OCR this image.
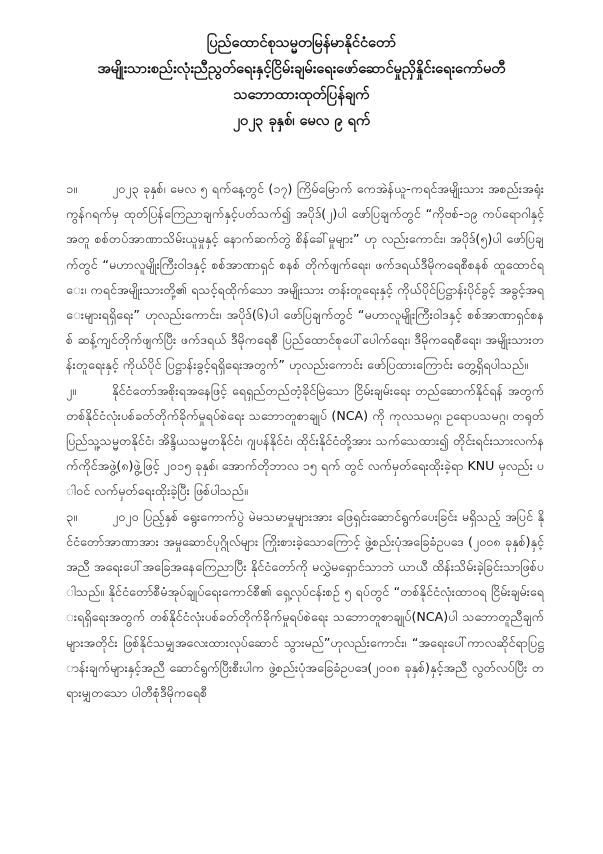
ပြည်ထောင်စုသမ္မတမြန်မာနိုင်ငံတော်
အမျိုးသားစည်းလုံးညီညွတ်ရေးနှင့်ငြိမ်းချမ်းရေးဖော်ဆောင်မှုညှိနှိုင်းရေးကော်မတီ
သဘောထားထုတ်ပြန်ချက်
၂၀၂၃ ခုနှစ်၊ မေလ ၉ ရက်

၁။	၂၀၂၃ ခုနှစ်၊ မေလ ၅ ရက်နေ့တွင် (၁၇) ကြိမ်မြောက် ကေအဲန်ယူ-ကရင်အမျိုးသား အစည်းအရုံးကွန်ဂရက်မှ ထုတ်ပြန်ကြေညာချက်နှင့်ပတ်သက်၍ အပိုဒ်(၂)ပါ ဖော်ပြချက်တွင် “ကိုဗစ်-၁၉ ကပ်ရောဂါနှင့်အတူ စစ်တပ်အာဏာသိမ်းယူမှုနှင့် နောက်ဆက်တွဲ စိန်ခေါ်မှုများ” ဟု လည်းကောင်း၊ အပိုဒ်(၅)ပါ ဖော်ပြချက်တွင် “မဟာလူမျိုးကြီးဝါဒနှင့် စစ်အာဏာရှင် စနစ် တိုက်ဖျက်ရေး၊ ဖက်ဒရယ်ဒီမိုကရေစီစနစ် ထူထောင်ရေး၊ ကရင်အမျိုးသားတို့၏ ရသင့်ရထိုက်သော အမျိုးသား တန်းတူရေးနှင့် ကိုယ်ပိုင်ပြဋ္ဌာန်းပိုင်ခွင့် အခွင့်အရေးများရရှိရေး” ဟုလည်းကောင်း၊ အပိုဒ်(၆)ပါ ဖော်ပြချက်တွင် “မဟာလူမျိုးကြီးဝါဒနှင့် စစ်အာဏာရှင်စနစ် ဆန့်ကျင်တိုက်ဖျက်ပြီး ဖက်ဒရယ် ဒီမိုကရေစီ ပြည်ထောင်စုပေါ်ပေါက်ရေး၊ ဒီမိုကရေစီရေး၊ အမျိုးသားတန်းတူရေးနှင့် ကိုယ်ပိုင် ပြဋ္ဌာန်းခွင့်ရရှိရေးအတွက်” ဟုလည်းကောင်း ဖော်ပြထားကြောင်း တွေ့ရှိရပါသည်။

၂။	နိုင်ငံတော်အစိုးရအနေဖြင့် ရေရှည်တည်တံ့ခိုင်မြဲသော ငြိမ်းချမ်းရေး တည်ဆောက်နိုင်ရန် အတွက် တစ်နိုင်ငံလုံးပစ်ခတ်တိုက်ခိုက်မှုရပ်စဲရေး သဘောတူစာချုပ် (NCA) ကို ကုလသမဂ္ဂ၊ ဥရောပသမဂ္ဂ၊ တရုတ်ပြည်သူ့သမ္မတနိုင်ငံ၊ အိန္ဒိယသမ္မတနိုင်ငံ၊ ဂျပန်နိုင်ငံ၊ ထိုင်းနိုင်ငံတို့အား သက်သေထား၍ တိုင်းရင်းသားလက်နက်ကိုင်အဖွဲ့(၈)ဖွဲ့ဖြင့် ၂၀၁၅ ခုနှစ်၊ အောက်တိုဘာလ ၁၅ ရက် တွင် လက်မှတ်ရေးထိုးခဲ့ရာ KNU မှလည်း ပါဝင် လက်မှတ်ရေးထိုးခဲ့ပြီး ဖြစ်ပါသည်။

၃။	၂၀၂၀ ပြည့်နှစ် ရွေးကောက်ပွဲ မဲမသမာမှုများအား ဖြေရှင်းဆောင်ရွက်ပေးခြင်း မရှိသည့် အပြင် နိုင်ငံတော်အာဏာအား အမှုဆောင်ပုဂ္ဂိုလ်များ ကြိုးစားခဲ့သောကြောင့် ဖွဲ့စည်းပုံအခြေခံဥပဒေ (၂၀၀၈ ခုနှစ်)နှင့်အညီ အရေးပေါ်အခြေအနေကြေညာပြီး နိုင်ငံတော်ကို မလွှဲမရှောင်သာဘဲ ယာယီ ထိန်းသိမ်းခဲ့ခြင်းသာဖြစ်ပါသည်။ နိုင်ငံတော်စီမံအုပ်ချုပ်ရေးကောင်စီ၏ ရှေ့လုပ်ငန်းစဉ် ၅ ရပ်တွင် “တစ်နိုင်ငံလုံးထာဝရ ငြိမ်းချမ်းရေးရရှိရေးအတွက် တစ်နိုင်ငံလုံးပစ်ခတ်တိုက်ခိုက်မှုရပ်စဲရေး သဘောတူစာချုပ်(NCA)ပါ သဘောတူညီချက်များအတိုင်း ဖြစ်နိုင်သမျှအလေးထားလုပ်ဆောင် သွားမည်”ဟုလည်းကောင်း၊ “အရေးပေါ်ကာလဆိုင်ရာပြဋ္ဌာန်းချက်များနှင့်အညီ ဆောင်ရွက်ပြီးစီးပါက ဖွဲ့စည်းပုံအခြေခံဥပဒေ(၂၀၀၈ ခုနှစ်)နှင့်အညီ လွတ်လပ်ပြီး တရားမျှတသော ပါတီစုံဒီမိုကရေစီ
